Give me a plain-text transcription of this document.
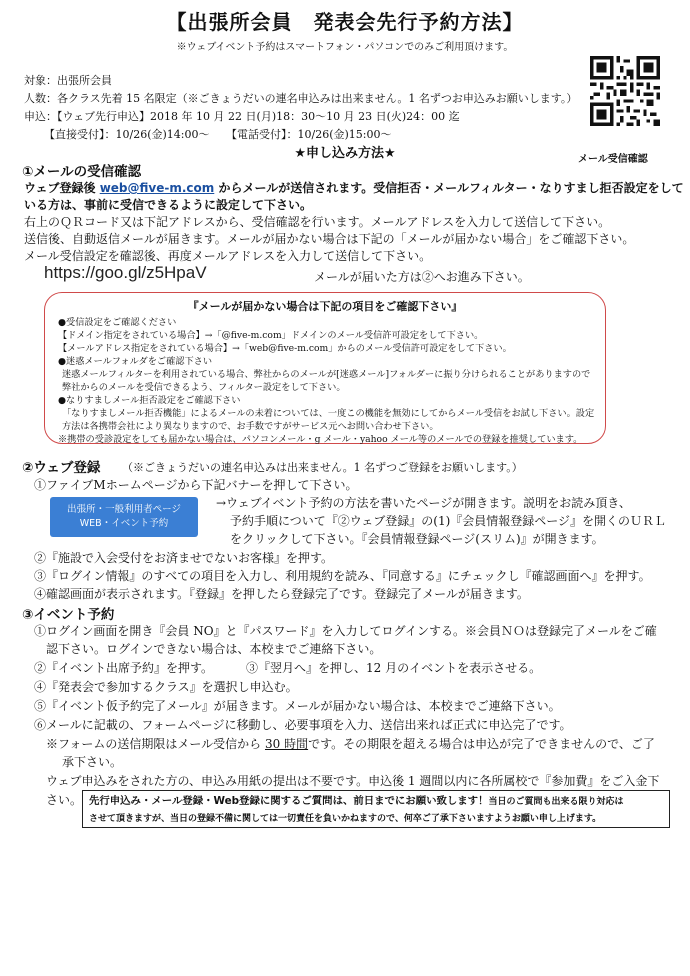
【出張所会員　発表会先行予約方法】
※ウェブイベント予約はスマートフォン・パソコンでのみご利用頂けます。
対象：出張所会員
人数：各クラス先着 15 名限定（※ごきょうだいの連名申込みは出来ません。1 名ずつお申込みお願いします。）
申込：【ウェブ先行申込】2018 年 10 月 22 日(月)18：30〜10 月 23 日(火)24：00 迄
【直接受付】：10/26(金)14:00〜 【電話受付】：10/26(金)15:00〜
メール受信確認
★申し込み方法★
①メールの受信確認
ウェブ登録後 web@five-m.com からメールが送信されます。受信拒否・メールフィルター・なりすまし拒否設定をして
いる方は、事前に受信できるように設定して下さい。
右上のＱＲコード又は下記アドレスから、受信確認を行います。メールアドレスを入力して送信して下さい。
送信後、自動返信メールが届きます。メールが届かない場合は下記の「メールが届かない場合」をご確認下さい。
メール受信設定を確認後、再度メールアドレスを入力して送信して下さい。
https://goo.gl/z5HpaV	メールが届いた方は②へお進み下さい。
『メールが届かない場合は下記の項目をご確認下さい』
●受信設定をご確認ください
【ドメイン指定をされている場合】→「@five-m.com」ドメインのメール受信許可設定をして下さい。
【メールアドレス指定をされている場合】→「web@five-m.com」からのメール受信許可設定をして下さい。
●迷惑メールフォルダをご確認下さい
迷惑メールフィルターを利用されている場合、弊社からのメールが[迷惑メール]フォルダーに振り分けられることがありますので
弊社からのメールを受信できるよう、フィルター設定をして下さい。
●なりすましメール拒否設定をご確認下さい
「なりすましメール拒否機能」によるメールの未着については、一度この機能を無効にしてからメール受信をお試し下さい。設定
方法は各携帯会社により異なりますので、お手数ですがサービス元へお問い合わせ下さい。
※携帯の受診設定をしても届かない場合は、パソコンメール・g メール・yahoo メール等のメールでの登録を推奨しています。
②ウェブ登録 （※ごきょうだいの連名申込みは出来ません。1 名ずつご登録をお願いします。）
①ファイブMホームページから下記バナーを押して下さい。
出張所・一般利用者ページ
WEB・イベント予約
→ウェブイベント予約の方法を書いたページが開きます。説明をお読み頂き、
予約手順について『②ウェブ登録』の(1)『会員情報登録ページ』を開くのＵＲＬ
をクリックして下さい。『会員情報登録ページ(スリム)』が開きます。
②『施設で入会受付をお済ませでないお客様』を押す。
③『ログイン情報』のすべての項目を入力し、利用規約を読み、『同意する』にチェックし『確認画面へ』を押す。
④確認画面が表示されます。『登録』を押したら登録完了です。登録完了メールが届きます。
③イベント予約
①ログイン画面を開き『会員 NO』と『パスワード』を入力してログインする。※会員ＮＯは登録完了メールをご確
認下さい。ログインできない場合は、本校までご連絡下さい。
②『イベント出席予約』を押す。	③『翌月へ』を押し、12 月のイベントを表示させる。
④『発表会で参加するクラス』を選択し申込む。
⑤『イベント仮予約完了メール』が届きます。メールが届かない場合は、本校までご連絡下さい。
⑥メールに記載の、フォームページに移動し、必要事項を入力、送信出来れば正式に申込完了です。
※フォームの送信期限はメール受信から 30 時間です。その期限を超える場合は申込が完了できませんので、ご了
承下さい。
ウェブ申込みをされた方の、申込み用紙の提出は不要です。申込後 1 週間以内に各所属校で『参加費』をご入金下
さい。 先行申込み・メール登録・Web登録に関するご質問は、前日までにお願い致します！当日のご質問も出来る限り対応は
させて頂きますが、当日の登録不備に関しては一切責任を負いかねますので、何卒ご了承下さいますようお願い申し上げます。
